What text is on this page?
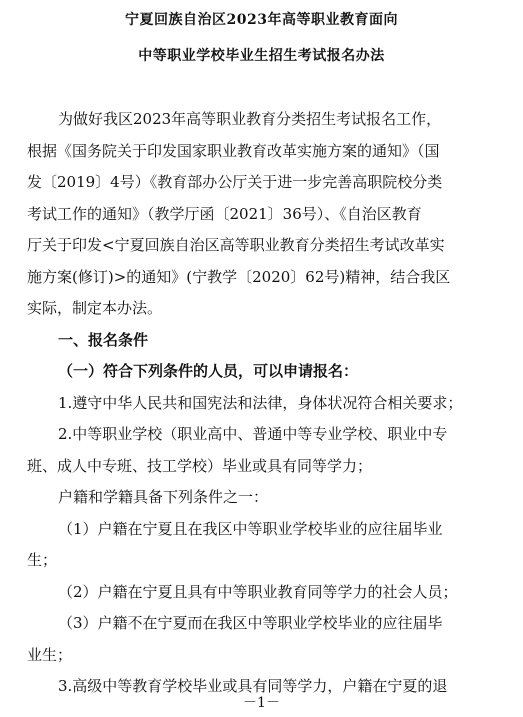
宁夏回族自治区2023年高等职业教育面向
中等职业学校毕业生招生考试报名办法

为做好我区2023年高等职业教育分类招生考试报名工作，
根据《国务院关于印发国家职业教育改革实施方案的通知》（国
发〔2019〕4号）《教育部办公厅关于进一步完善高职院校分类
考试工作的通知》（教学厅函〔2021〕36号）、《自治区教育
厅关于印发<宁夏回族自治区高等职业教育分类招生考试改革实
施方案(修订)>的通知》(宁教学〔2020〕62号)精神，结合我区
实际，制定本办法。

一、报名条件

（一）符合下列条件的人员，可以申请报名：

1.遵守中华人民共和国宪法和法律，身体状况符合相关要求；

2.中等职业学校（职业高中、普通中等专业学校、职业中专
班、成人中专班、技工学校）毕业或具有同等学力；

户籍和学籍具备下列条件之一：

（1）户籍在宁夏且在我区中等职业学校毕业的应往届毕业
生；

（2）户籍在宁夏且具有中等职业教育同等学力的社会人员；

（3）户籍不在宁夏而在我区中等职业学校毕业的应往届毕
业生；

3.高级中等教育学校毕业或具有同等学力，户籍在宁夏的退

－1－
